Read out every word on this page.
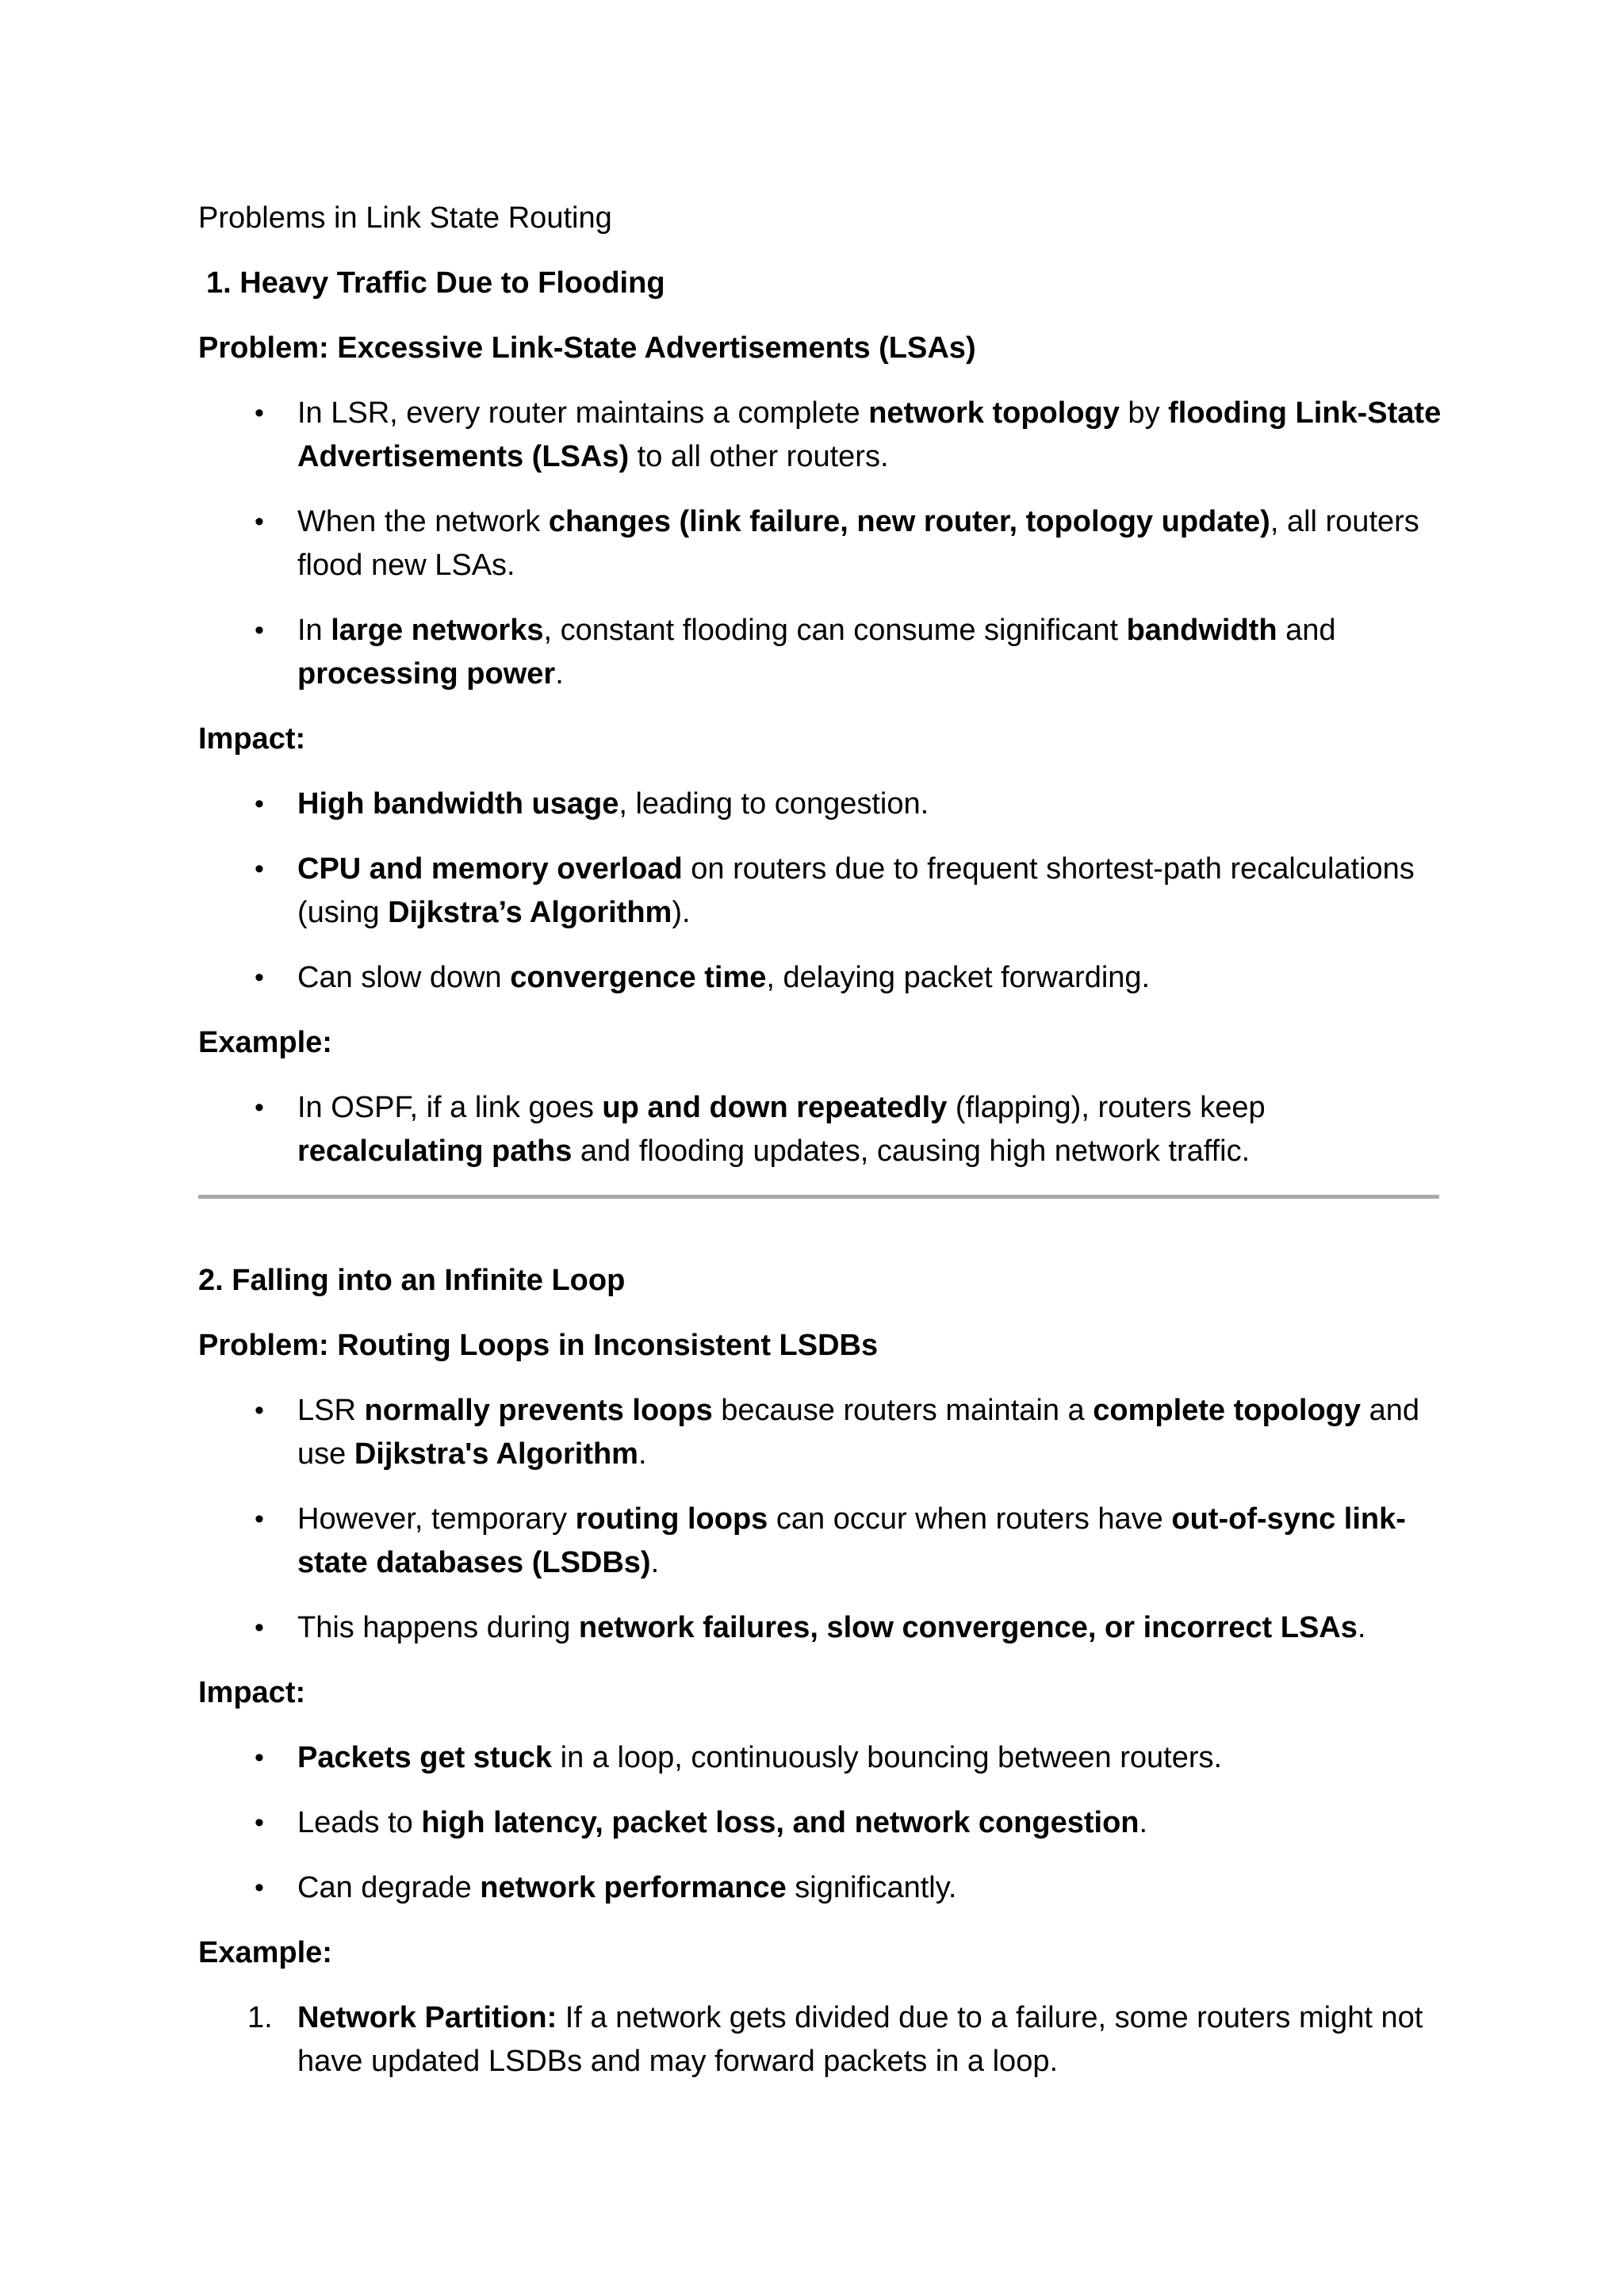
Problems in Link State Routing

1. Heavy Traffic Due to Flooding

Problem: Excessive Link-State Advertisements (LSAs)

• In LSR, every router maintains a complete network topology by flooding Link-State Advertisements (LSAs) to all other routers.
• When the network changes (link failure, new router, topology update), all routers flood new LSAs.
• In large networks, constant flooding can consume significant bandwidth and processing power.

Impact:

• High bandwidth usage, leading to congestion.
• CPU and memory overload on routers due to frequent shortest-path recalculations (using Dijkstra’s Algorithm).
• Can slow down convergence time, delaying packet forwarding.

Example:

• In OSPF, if a link goes up and down repeatedly (flapping), routers keep recalculating paths and flooding updates, causing high network traffic.

2. Falling into an Infinite Loop

Problem: Routing Loops in Inconsistent LSDBs

• LSR normally prevents loops because routers maintain a complete topology and use Dijkstra's Algorithm.
• However, temporary routing loops can occur when routers have out-of-sync link-state databases (LSDBs).
• This happens during network failures, slow convergence, or incorrect LSAs.

Impact:

• Packets get stuck in a loop, continuously bouncing between routers.
• Leads to high latency, packet loss, and network congestion.
• Can degrade network performance significantly.

Example:

1. Network Partition: If a network gets divided due to a failure, some routers might not have updated LSDBs and may forward packets in a loop.
